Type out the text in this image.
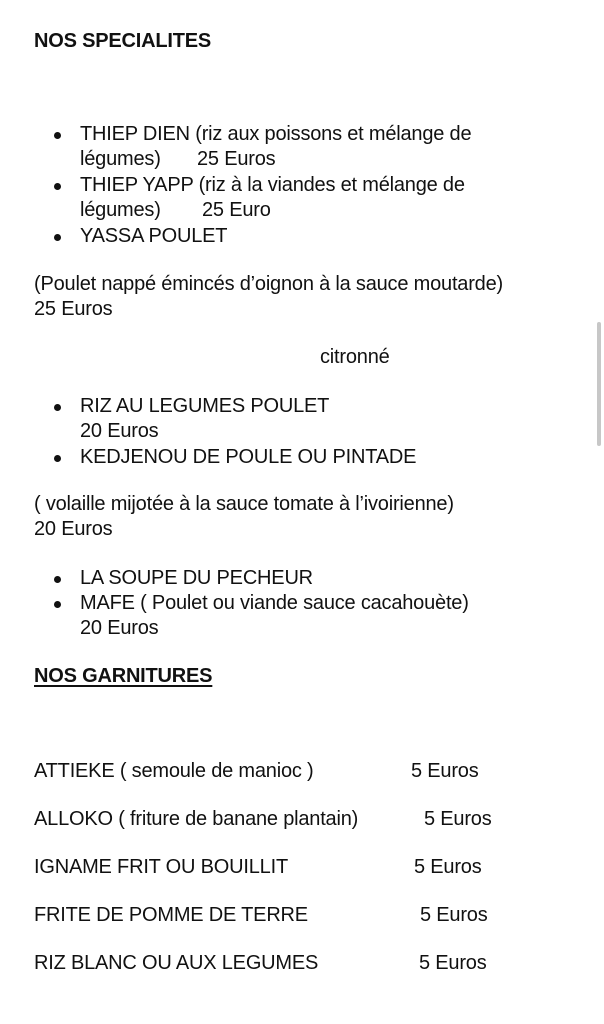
NOS SPECIALITES
THIEP DIEN (riz aux poissons et mélange de
légumes) 25 Euros
THIEP YAPP (riz à la viandes et mélange de
légumes) 25 Euro
YASSA POULET
(Poulet nappé émincés d’oignon à la sauce moutarde)
25 Euros
citronné
RIZ AU LEGUMES POULET
20 Euros
KEDJENOU DE POULE OU PINTADE
( volaille mijotée à la sauce tomate à l’ivoirienne)
20 Euros
LA SOUPE DU PECHEUR
MAFE ( Poulet ou viande sauce cacahouète)
20 Euros
NOS GARNITURES
ATTIEKE ( semoule de manioc )	5 Euros
ALLOKO ( friture de banane plantain)	5 Euros
IGNAME FRIT OU BOUILLIT	5 Euros
FRITE DE POMME DE TERRE	5 Euros
RIZ BLANC OU AUX LEGUMES	5 Euros
